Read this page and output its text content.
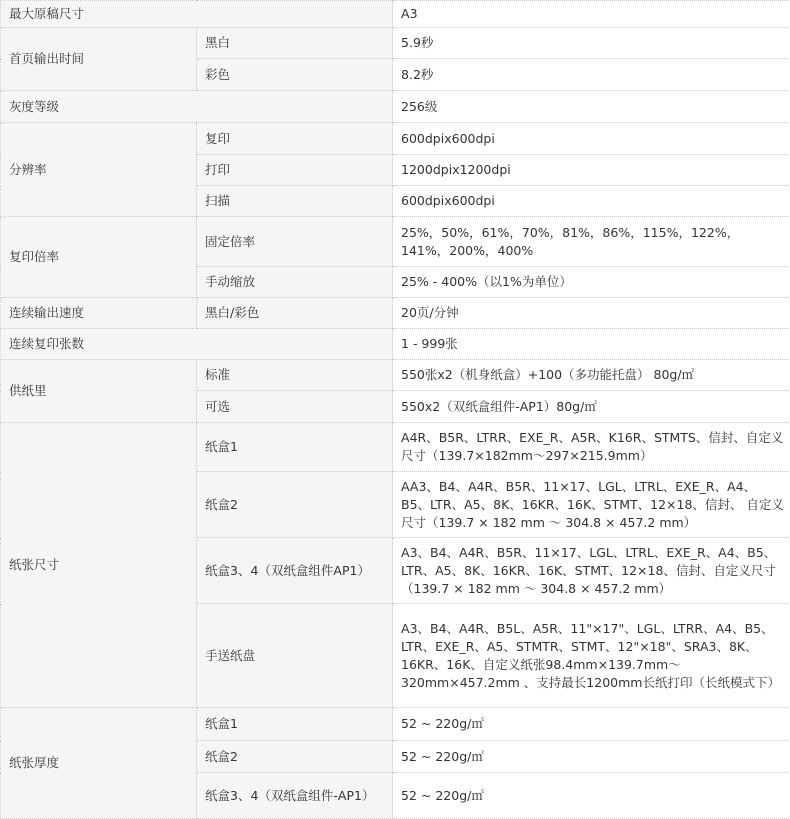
最大原稿尺寸		A3
首页输出时间	黑白	5.9秒
	彩色	8.2秒
灰度等级		256级
分辨率	复印	600dpix600dpi
	打印	1200dpix1200dpi
	扫描	600dpix600dpi
复印倍率	固定倍率	25%，50%，61%，70%，81%，86%，115%，122%，141%，200%，400%
	手动缩放	25% - 400%（以1%为单位）
连续输出速度	黑白/彩色	20页/分钟
连续复印张数		1 - 999张
供纸里	标准	550张x2（机身纸盒）+100（多功能托盘） 80g/㎡
	可选	550x2（双纸盒组件-AP1）80g/㎡
纸张尺寸	纸盒1	A4R、B5R、LTRR、EXE_R、A5R、K16R、STMTS、信封、自定义尺寸（139.7×182mm～297×215.9mm）
	纸盒2	AA3、B4、A4R、B5R、11×17、LGL、LTRL、EXE_R、A4、B5、LTR、A5、8K、16KR、16K、STMT、12×18、信封、 自定义尺寸（139.7 × 182 mm ～ 304.8 × 457.2 mm）
	纸盒3、4（双纸盒组件AP1）	A3、B4、A4R、B5R、11×17、LGL、LTRL、EXE_R、A4、B5、LTR、A5、8K、16KR、16K、STMT、12×18、信封、自定义尺寸（139.7 × 182 mm ～ 304.8 × 457.2 mm）
	手送纸盘	A3、B4、A4R、B5L、A5R、11"×17"、LGL、LTRR、A4、B5、LTR、EXE_R、A5、STMTR、STMT、12"×18"、SRA3、8K、16KR、16K、自定义纸张98.4mm×139.7mm～320mm×457.2mm 、支持最长1200mm长纸打印（长纸模式下）
纸张厚度	纸盒1	52 ~ 220g/㎡
	纸盒2	52 ~ 220g/㎡
	纸盒3、4（双纸盒组件-AP1）	52 ~ 220g/㎡
